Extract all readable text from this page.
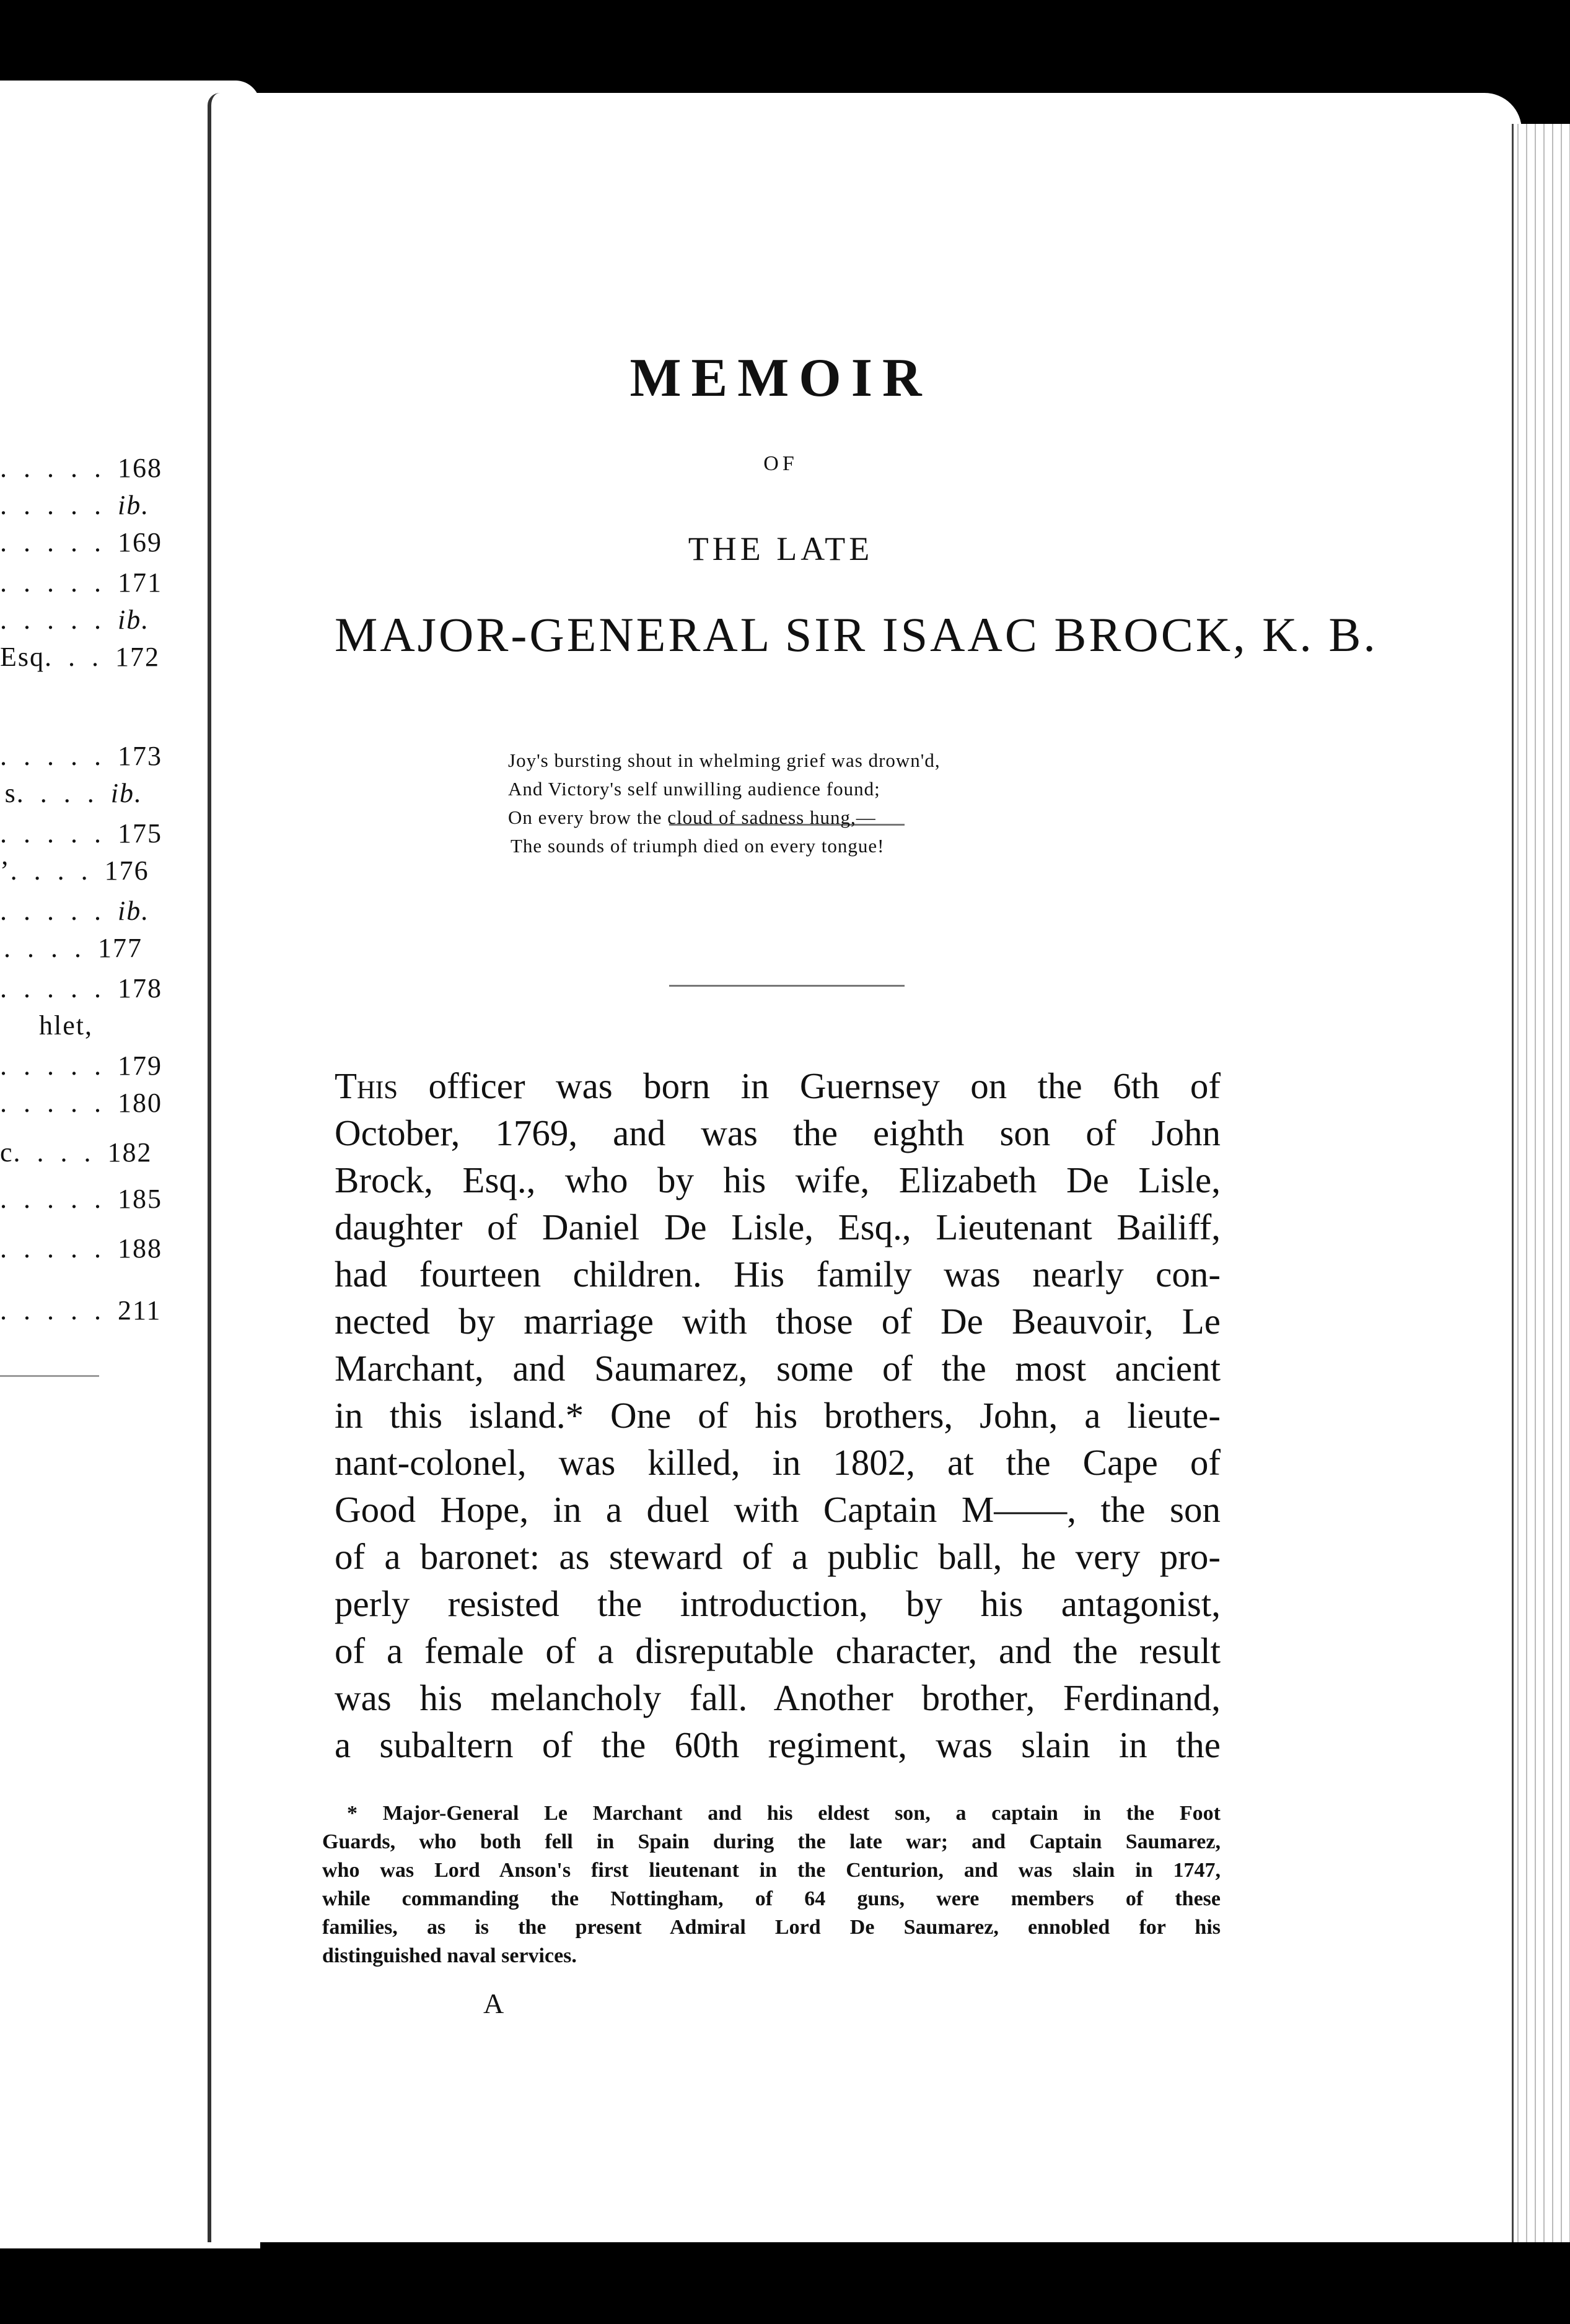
. . . . . 168
. . . . . ib.
. . . . . 169
. . . . . 171
. . . . . ib.
Esq. . . 172
. . . . . 173
s. . . . ib.
. . . . . 175
’. . . . 176
. . . . . ib.
. . . . 177
. . . . . 178
hlet,
. . . . . 179
. . . . . 180
c. . . . 182
. . . . . 185
. . . . . 188
. . . . . 211
MEMOIR
OF
THE LATE
MAJOR-GENERAL SIR ISAAC BROCK, K. B.
Joy's bursting shout in whelming grief was drown'd,
And Victory's self unwilling audience found;
On every brow the cloud of sadness hung,—
The sounds of triumph died on every tongue!
This officer was born in Guernsey on the 6th of
October, 1769, and was the eighth son of John
Brock, Esq., who by his wife, Elizabeth De Lisle,
daughter of Daniel De Lisle, Esq., Lieutenant Bailiff,
had fourteen children. His family was nearly con-
nected by marriage with those of De Beauvoir, Le
Marchant, and Saumarez, some of the most ancient
in this island.* One of his brothers, John, a lieute-
nant-colonel, was killed, in 1802, at the Cape of
Good Hope, in a duel with Captain M——, the son
of a baronet: as steward of a public ball, he very pro-
perly resisted the introduction, by his antagonist,
of a female of a disreputable character, and the result
was his melancholy fall. Another brother, Ferdinand,
a subaltern of the 60th regiment, was slain in the
* Major-General Le Marchant and his eldest son, a captain in the Foot
Guards, who both fell in Spain during the late war; and Captain Saumarez,
who was Lord Anson's first lieutenant in the Centurion, and was slain in 1747,
while commanding the Nottingham, of 64 guns, were members of these
families, as is the present Admiral Lord De Saumarez, ennobled for his
distinguished naval services.
A
